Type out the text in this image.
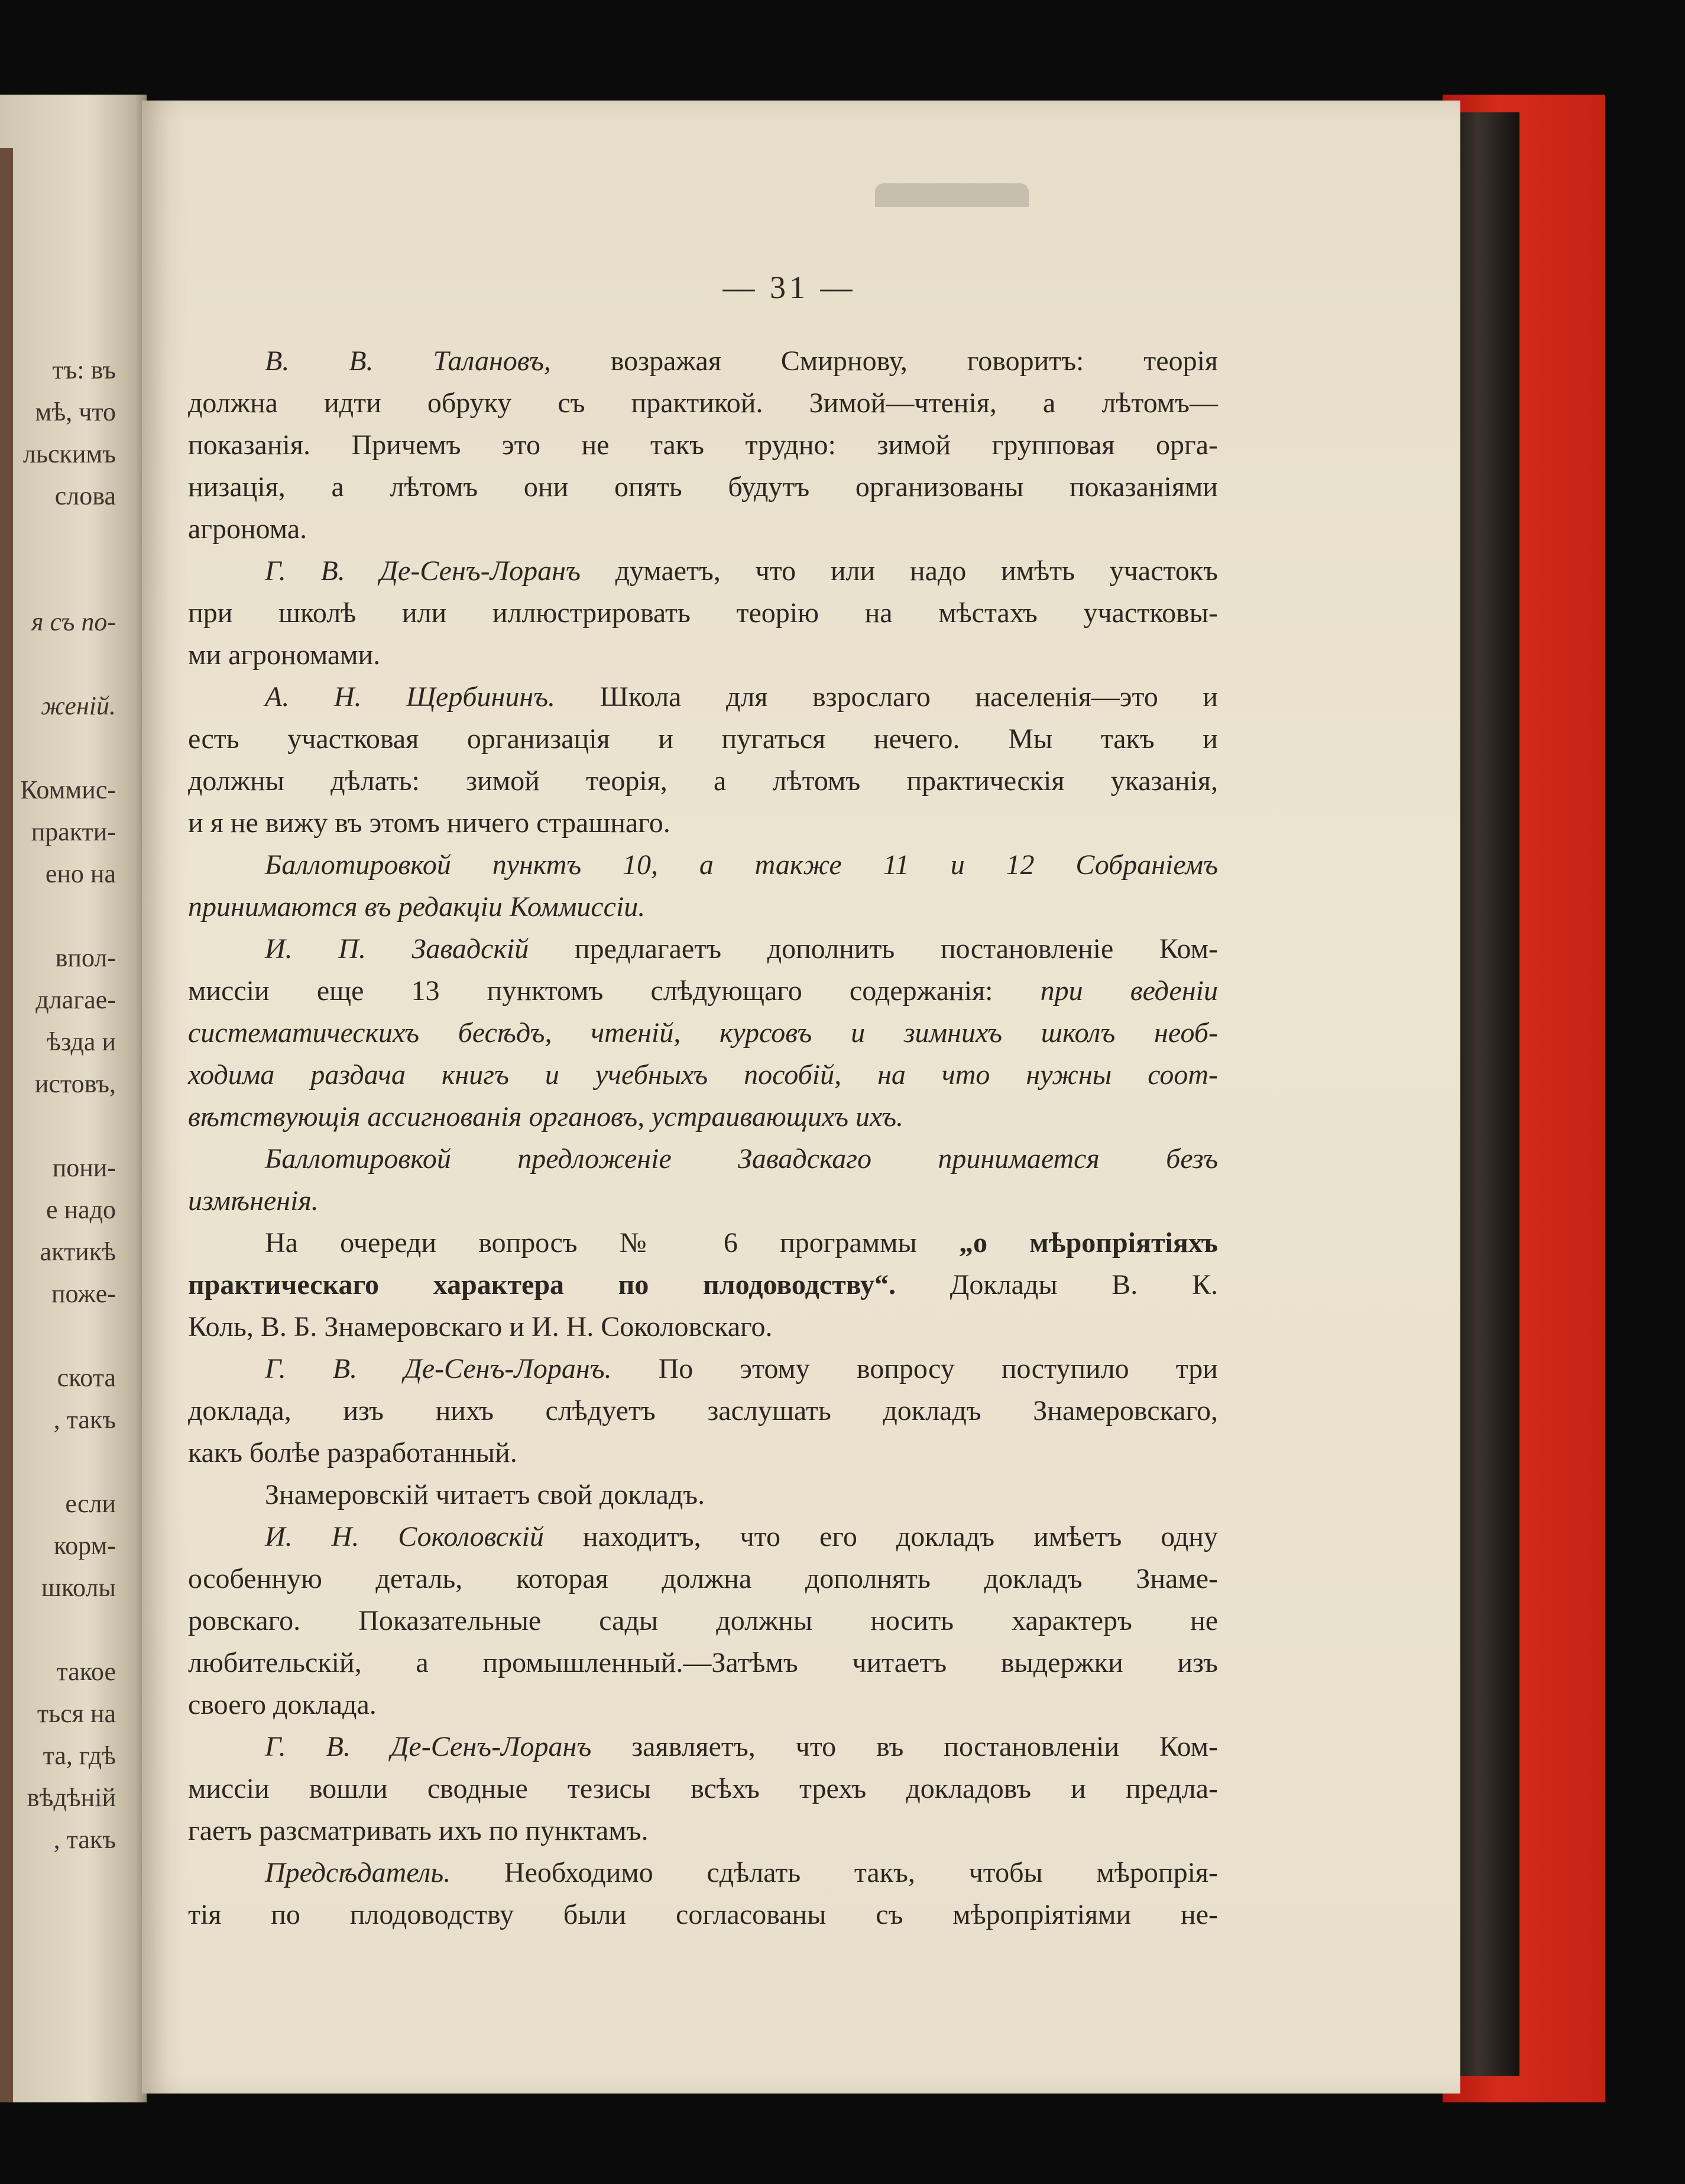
тъ: въ
мѣ, что
льскимъ
слова
я съ по-
женій.
Коммис-
практи-
ено на
впол-
длагае-
ѣзда и
истовъ,
пони-
е надо
актикѣ
пожe-
скота
, такъ
если
корм-
школы
такое
ться на
та, гдѣ
вѣдѣній
, такъ
— 31 —
В. В. Талановъ, возражая Смирнову, говоритъ: теорія
должна идти обруку съ практикой. Зимой—чтенія, а лѣтомъ—
показанія. Причемъ это не такъ трудно: зимой групповая орга-
низація, а лѣтомъ они опять будутъ организованы показаніями
агронома.
Г. В. Де-Сенъ-Лоранъ думаетъ, что или надо имѣть участокъ
при школѣ или иллюстрировать теорію на мѣстахъ участковы-
ми агрономами.
А. Н. Щербининъ. Школа для взрослаго населенія—это и
есть участковая организація и пугаться нечего. Мы такъ и
должны дѣлать: зимой теорія, а лѣтомъ практическія указанія,
и я не вижу въ этомъ ничего страшнаго.
Баллотировкой пунктъ 10, а также 11 и 12 Собраніемъ
принимаются въ редакціи Коммиссіи.
И. П. Завадскій предлагаетъ дополнить постановленіе Ком-
миссіи еще 13 пунктомъ слѣдующаго содержанія: при веденіи
систематическихъ бесѣдъ, чтеній, курсовъ и зимнихъ школъ необ-
ходима раздача книгъ и учебныхъ пособій, на что нужны соот-
вѣтствующія ассигнованія органовъ, устраивающихъ ихъ.
Баллотировкой предложеніе Завадскаго принимается безъ
измѣненія.
На очереди вопросъ № 6 программы „о мѣропріятіяхъ
практическаго характера по плодоводству“. Доклады В. К.
Коль, В. Б. Знамеровскаго и И. Н. Соколовскаго.
Г. В. Де-Сенъ-Лоранъ. По этому вопросу поступило три
доклада, изъ нихъ слѣдуетъ заслушать докладъ Знамеровскаго,
какъ болѣе разработанный.
Знамеровскій читаетъ свой докладъ.
И. Н. Соколовскій находитъ, что его докладъ имѣетъ одну
особенную деталь, которая должна дополнять докладъ Знаме-
ровскаго. Показательные сады должны носить характеръ не
любительскій, а промышленный.—Затѣмъ читаетъ выдержки изъ
своего доклада.
Г. В. Де-Сенъ-Лоранъ заявляетъ, что въ постановленіи Ком-
миссіи вошли сводные тезисы всѣхъ трехъ докладовъ и предла-
гаетъ разсматривать ихъ по пунктамъ.
Предсѣдатель. Необходимо сдѣлать такъ, чтобы мѣропрія-
тія по плодоводству были согласованы съ мѣропріятіями не-
